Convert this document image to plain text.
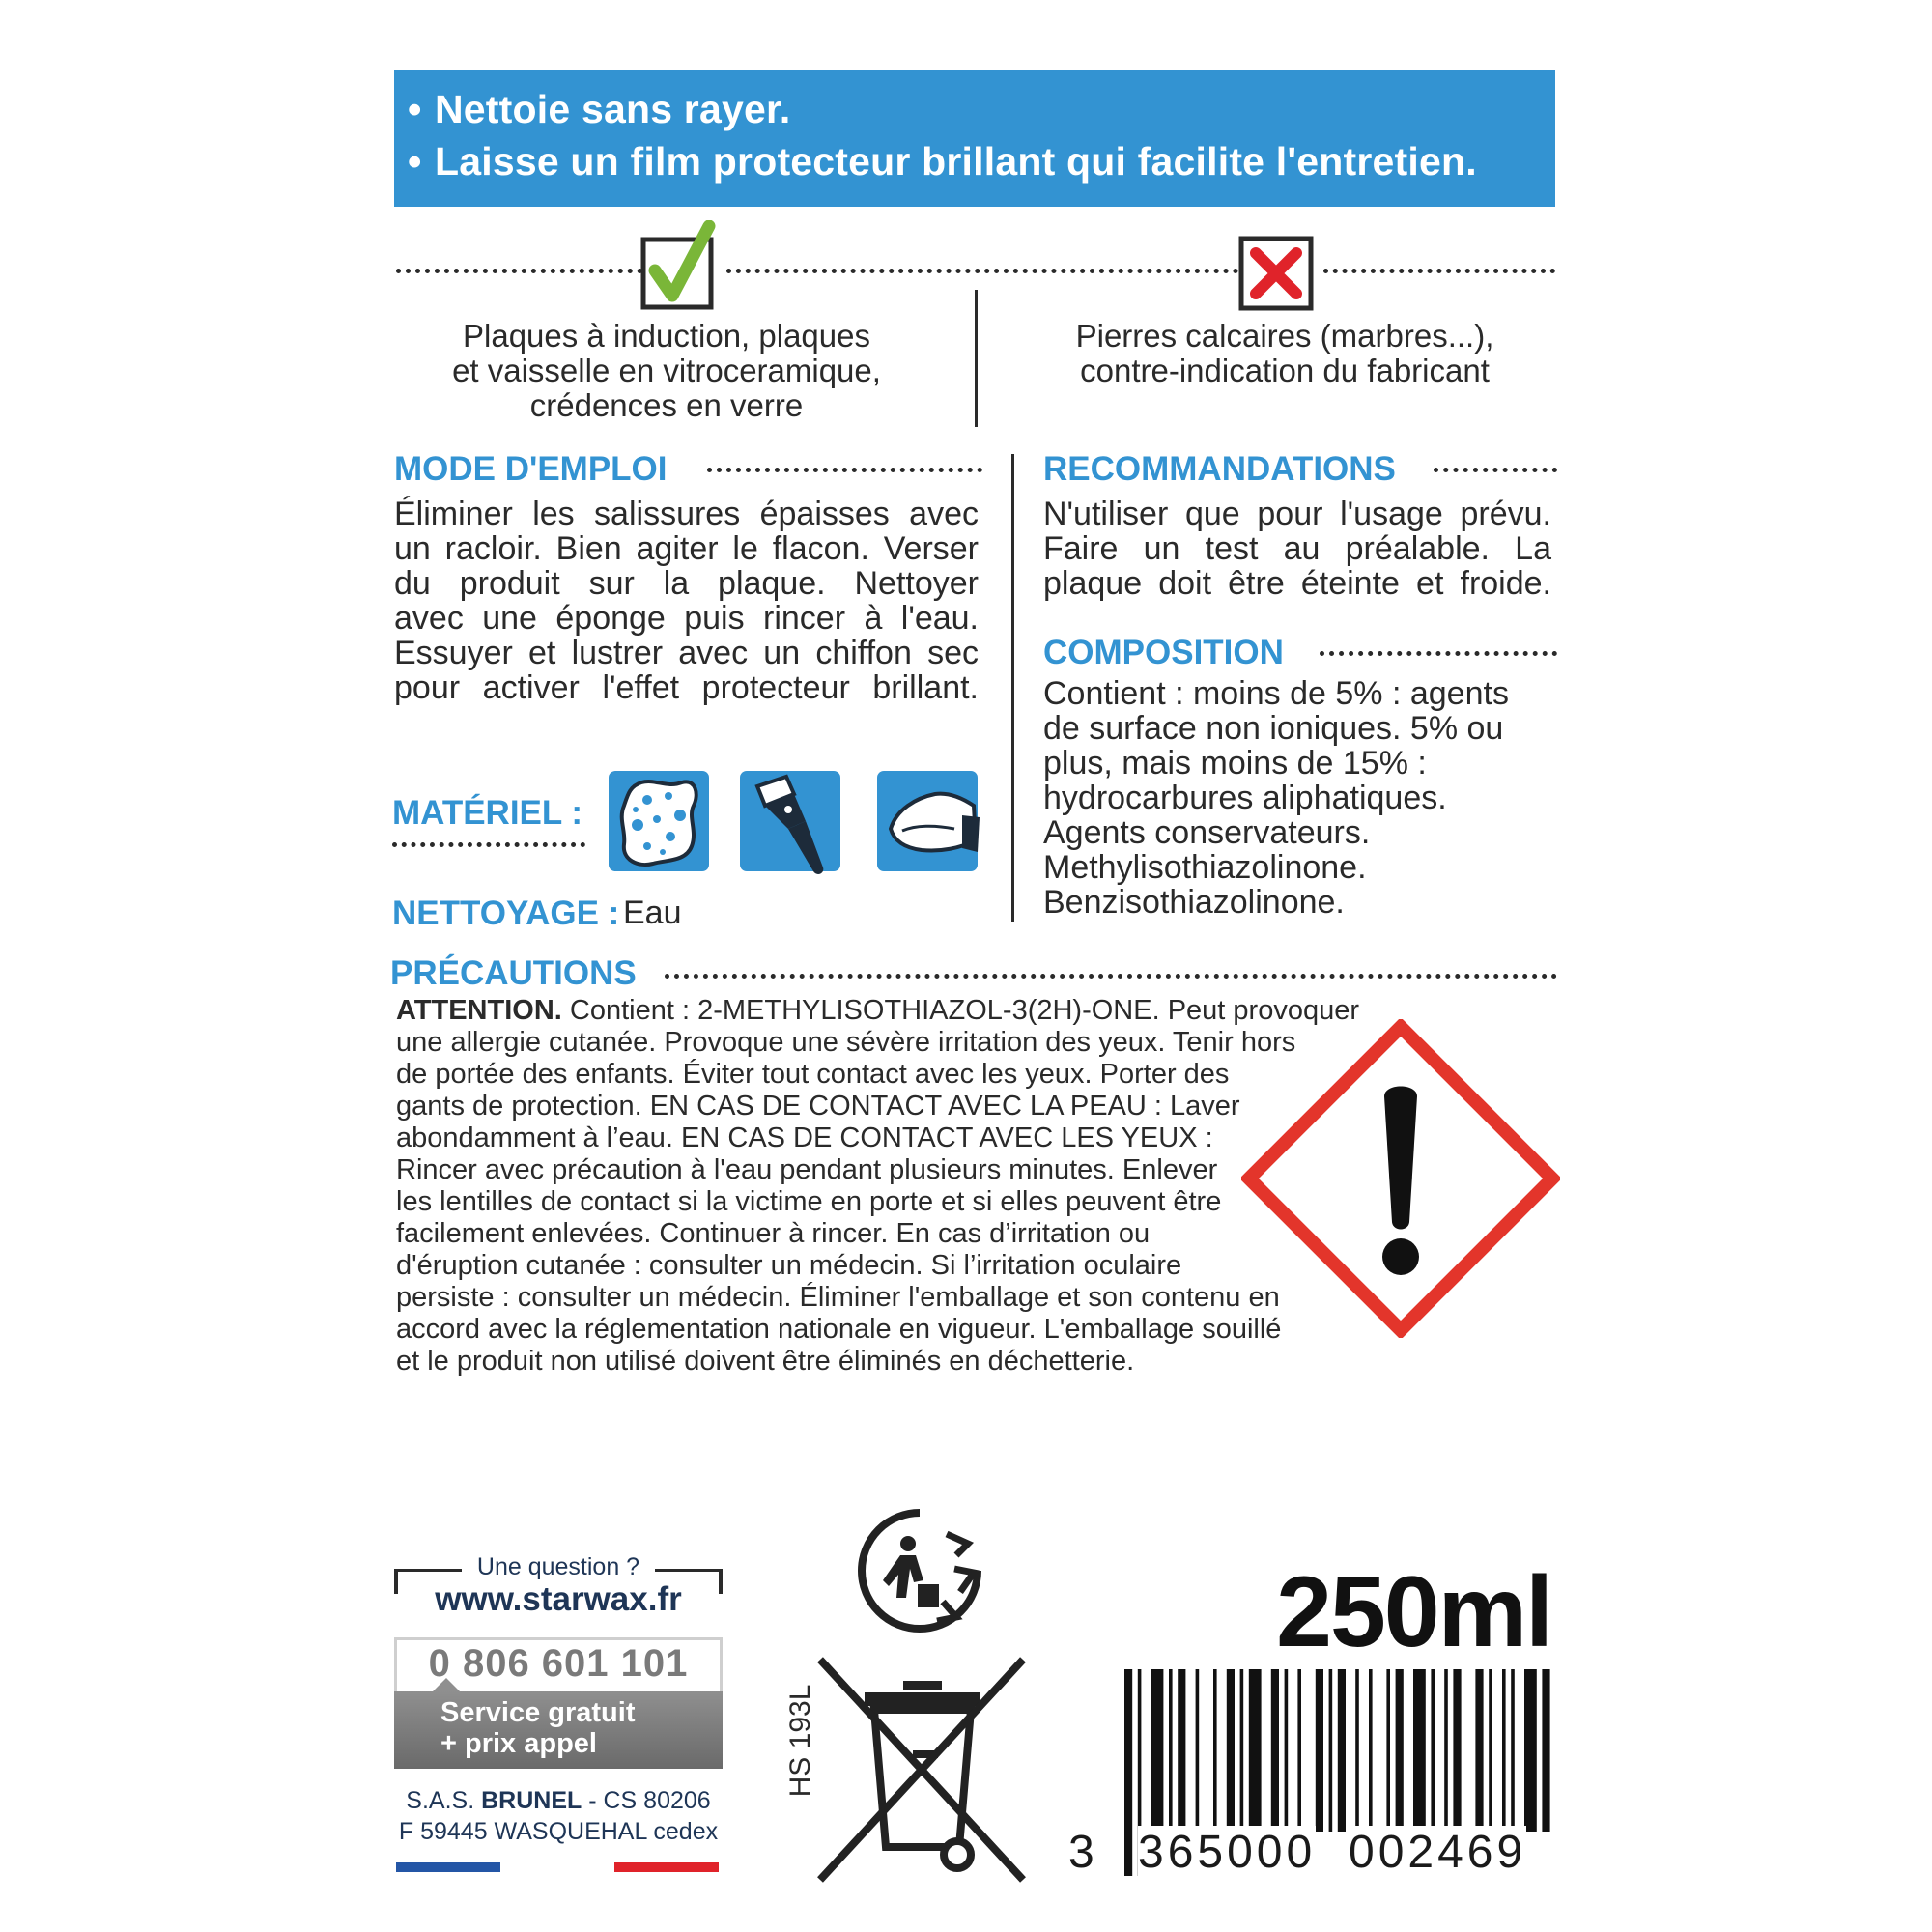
• Nettoie sans rayer.
• Laisse un film protecteur brillant qui facilite l'entretien.
Plaques à induction, plaques
et vaisselle en vitroceramique,
crédences en verre
Pierres calcaires (marbres...),
contre-indication du fabricant
MODE D'EMPLOI
Éliminer les salissures épaisses avec
un racloir. Bien agiter le flacon. Verser
du produit sur la plaque. Nettoyer
avec une éponge puis rincer à l'eau.
Essuyer et lustrer avec un chiffon sec
pour activer l'effet protecteur brillant.
RECOMMANDATIONS
N'utiliser que pour l'usage prévu.
Faire un test au préalable. La
plaque doit être éteinte et froide.
COMPOSITION
Contient : moins de 5% : agents
de surface non ioniques. 5% ou
plus, mais moins de 15% :
hydrocarbures aliphatiques.
Agents conservateurs.
Methylisothiazolinone.
Benzisothiazolinone.
MATÉRIEL :
NETTOYAGE : Eau
PRÉCAUTIONS
ATTENTION. Contient : 2-METHYLISOTHIAZOL-3(2H)-ONE. Peut provoquer
une allergie cutanée. Provoque une sévère irritation des yeux. Tenir hors
de portée des enfants. Éviter tout contact avec les yeux. Porter des
gants de protection. EN CAS DE CONTACT AVEC LA PEAU : Laver
abondamment à l’eau. EN CAS DE CONTACT AVEC LES YEUX :
Rincer avec précaution à l'eau pendant plusieurs minutes. Enlever
les lentilles de contact si la victime en porte et si elles peuvent être
facilement enlevées. Continuer à rincer. En cas d’irritation ou
d'éruption cutanée : consulter un médecin. Si l’irritation oculaire
persiste : consulter un médecin. Éliminer l'emballage et son contenu en
accord avec la réglementation nationale en vigueur. L'emballage souillé
et le produit non utilisé doivent être éliminés en déchetterie.
Une question ?
www.starwax.fr
0 806 601 101
Service gratuit
+ prix appel
S.A.S. BRUNEL - CS 80206
F 59445 WASQUEHAL cedex
HS 193L
250ml
3 365000 002469
